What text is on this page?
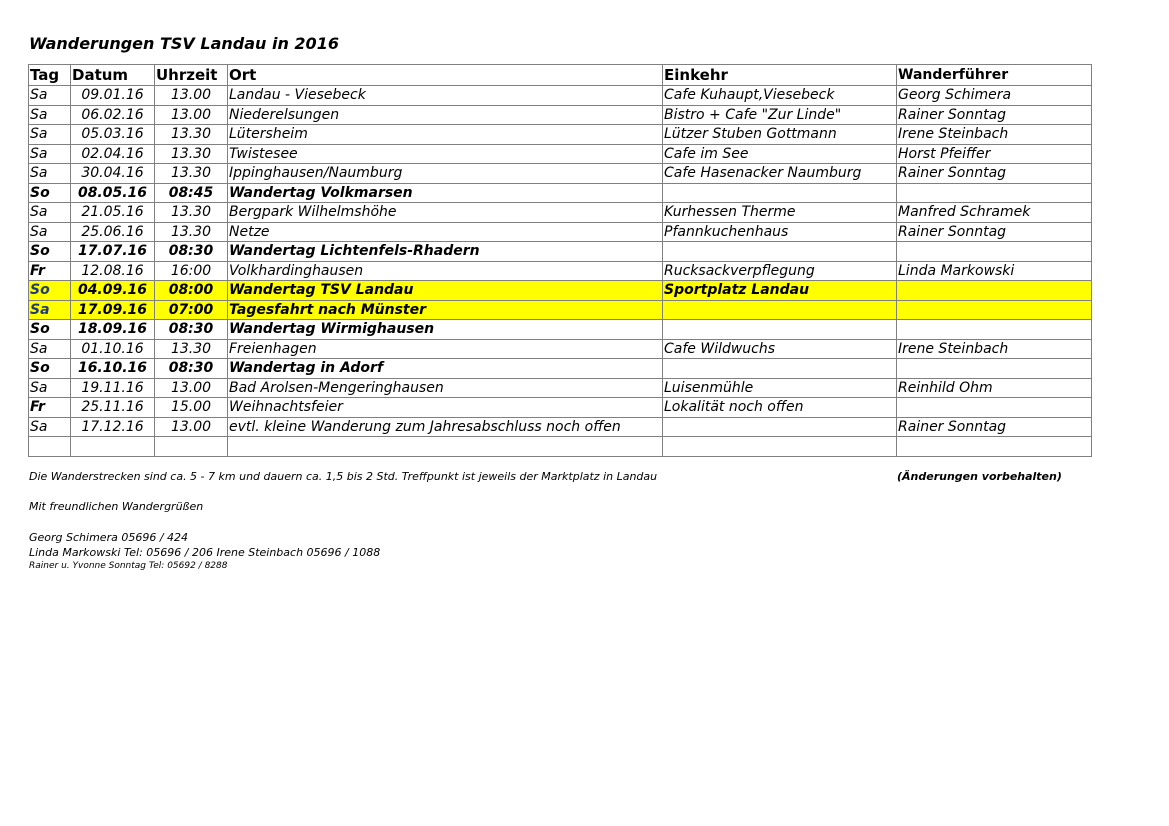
Wanderungen TSV Landau in 2016
Tag	Datum	Uhrzeit	Ort	Einkehr	Wanderführer
Sa	09.01.16	13.00	Landau - Viesebeck	Cafe Kuhaupt,Viesebeck	Georg Schimera
Sa	06.02.16	13.00	Niederelsungen	Bistro + Cafe "Zur Linde"	Rainer Sonntag
Sa	05.03.16	13.30	Lütersheim	Lützer Stuben Gottmann	Irene Steinbach
Sa	02.04.16	13.30	Twistesee	Cafe im See	Horst Pfeiffer
Sa	30.04.16	13.30	Ippinghausen/Naumburg	Cafe Hasenacker Naumburg	Rainer Sonntag
So	08.05.16	08:45	Wandertag Volkmarsen		
Sa	21.05.16	13.30	Bergpark Wilhelmshöhe	Kurhessen Therme	Manfred Schramek
Sa	25.06.16	13.30	Netze	Pfannkuchenhaus	Rainer Sonntag
So	17.07.16	08:30	Wandertag Lichtenfels-Rhadern		
Fr	12.08.16	16:00	Volkhardinghausen	Rucksackverpflegung	Linda Markowski
So	04.09.16	08:00	Wandertag TSV Landau	Sportplatz Landau	
Sa	17.09.16	07:00	Tagesfahrt nach Münster		
So	18.09.16	08:30	Wandertag Wirmighausen		
Sa	01.10.16	13.30	Freienhagen	Cafe Wildwuchs	Irene Steinbach
So	16.10.16	08:30	Wandertag in Adorf		
Sa	19.11.16	13.00	Bad Arolsen-Mengeringhausen	Luisenmühle	Reinhild Ohm
Fr	25.11.16	15.00	Weihnachtsfeier	Lokalität noch offen	
Sa	17.12.16	13.00	evtl. kleine Wanderung zum Jahresabschluss noch offen		Rainer Sonntag

Die Wanderstrecken sind ca. 5 - 7 km und dauern ca. 1,5 bis 2 Std. Treffpunkt ist jeweils der Marktplatz in Landau	(Änderungen vorbehalten)
Mit freundlichen Wandergrüßen
Georg Schimera 05696 / 424
Linda Markowski Tel: 05696 / 206 Irene Steinbach 05696 / 1088
Rainer u. Yvonne Sonntag Tel: 05692 / 8288
